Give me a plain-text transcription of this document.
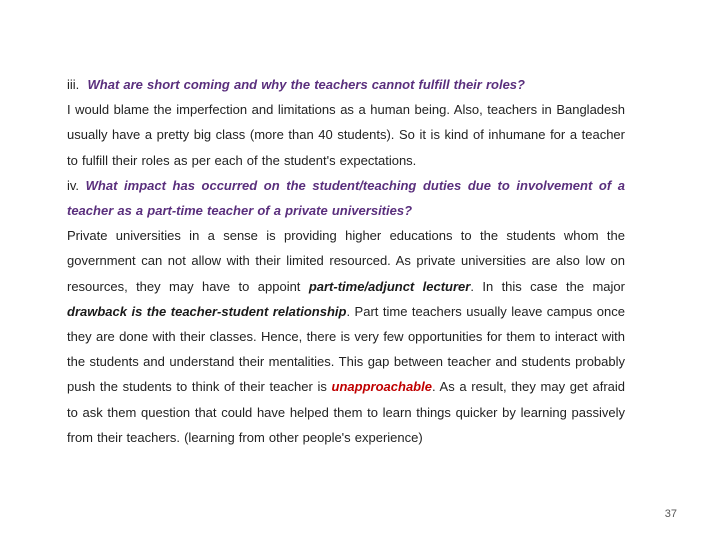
iii. What are short coming and why the teachers cannot fulfill their roles?

I would blame the imperfection and limitations as a human being. Also, teachers in Bangladesh usually have a pretty big class (more than 40 students). So it is kind of inhumane for a teacher to fulfill their roles as per each of the student's expectations.

iv. What impact has occurred on the student/teaching duties due to involvement of a teacher as a part-time teacher of a private universities?

Private universities in a sense is providing higher educations to the students whom the government can not allow with their limited resourced. As private universities are also low on resources, they may have to appoint part-time/adjunct lecturer. In this case the major drawback is the teacher-student relationship. Part time teachers usually leave campus once they are done with their classes. Hence, there is very few opportunities for them to interact with the students and understand their mentalities. This gap between teacher and students probably push the students to think of their teacher is unapproachable. As a result, they may get afraid to ask them question that could have helped them to learn things quicker by learning passively from their teachers. (learning from other people's experience)

37
